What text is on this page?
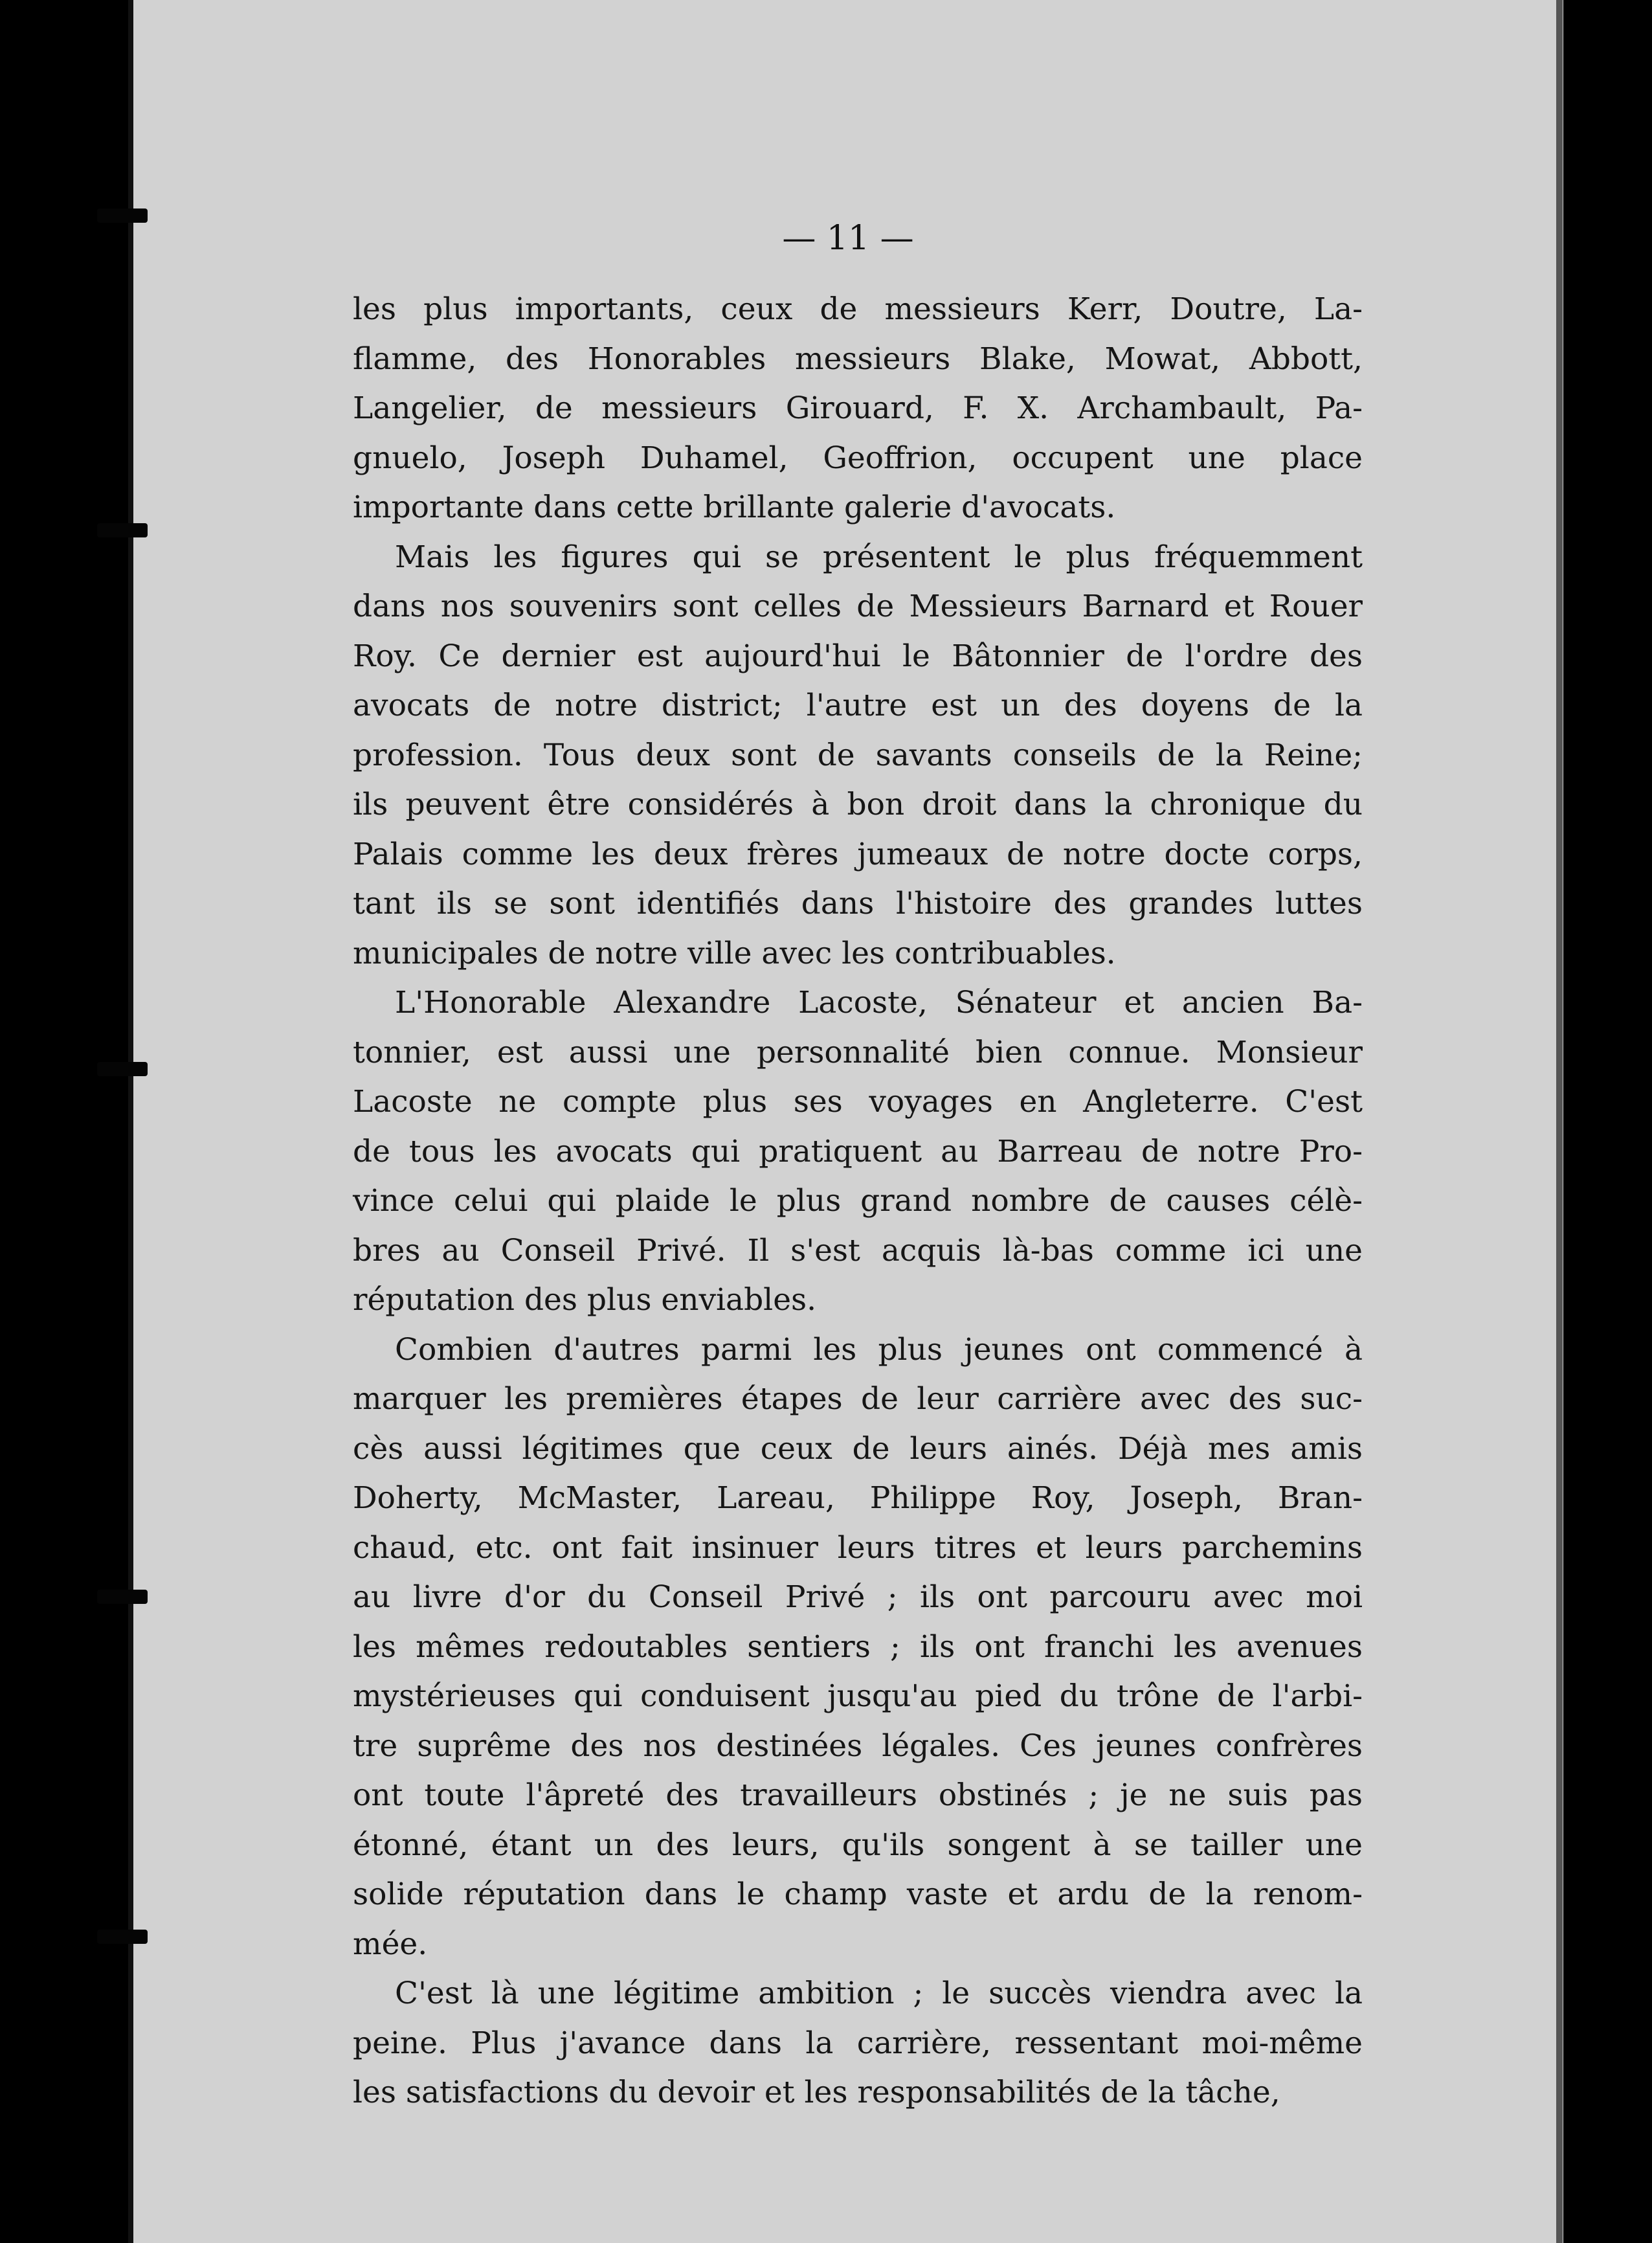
— 11 —

les plus importants, ceux de messieurs Kerr, Doutre, La-
flamme, des Honorables messieurs Blake, Mowat, Abbott,
Langelier, de messieurs Girouard, F. X. Archambault, Pa-
gnuelo, Joseph Duhamel, Geoffrion, occupent une place
importante dans cette brillante galerie d'avocats.

Mais les figures qui se présentent le plus fréquemment
dans nos souvenirs sont celles de Messieurs Barnard et Rouer
Roy. Ce dernier est aujourd'hui le Bâtonnier de l'ordre des
avocats de notre district; l'autre est un des doyens de la
profession. Tous deux sont de savants conseils de la Reine;
ils peuvent être considérés à bon droit dans la chronique du
Palais comme les deux frères jumeaux de notre docte corps,
tant ils se sont identifiés dans l'histoire des grandes luttes
municipales de notre ville avec les contribuables.

L'Honorable Alexandre Lacoste, Sénateur et ancien Ba-
tonnier, est aussi une personnalité bien connue. Monsieur
Lacoste ne compte plus ses voyages en Angleterre. C'est
de tous les avocats qui pratiquent au Barreau de notre Pro-
vince celui qui plaide le plus grand nombre de causes célè-
bres au Conseil Privé. Il s'est acquis là-bas comme ici une
réputation des plus enviables.

Combien d'autres parmi les plus jeunes ont commencé à
marquer les premières étapes de leur carrière avec des suc-
cès aussi légitimes que ceux de leurs ainés. Déjà mes amis
Doherty, McMaster, Lareau, Philippe Roy, Joseph, Bran-
chaud, etc. ont fait insinuer leurs titres et leurs parchemins
au livre d'or du Conseil Privé ; ils ont parcouru avec moi
les mêmes redoutables sentiers ; ils ont franchi les avenues
mystérieuses qui conduisent jusqu'au pied du trône de l'arbi-
tre suprême des nos destinées légales. Ces jeunes confrères
ont toute l'âpreté des travailleurs obstinés ; je ne suis pas
étonné, étant un des leurs, qu'ils songent à se tailler une
solide réputation dans le champ vaste et ardu de la renom-
mée.

C'est là une légitime ambition ; le succès viendra avec la
peine. Plus j'avance dans la carrière, ressentant moi-même
les satisfactions du devoir et les responsabilités de la tâche,
